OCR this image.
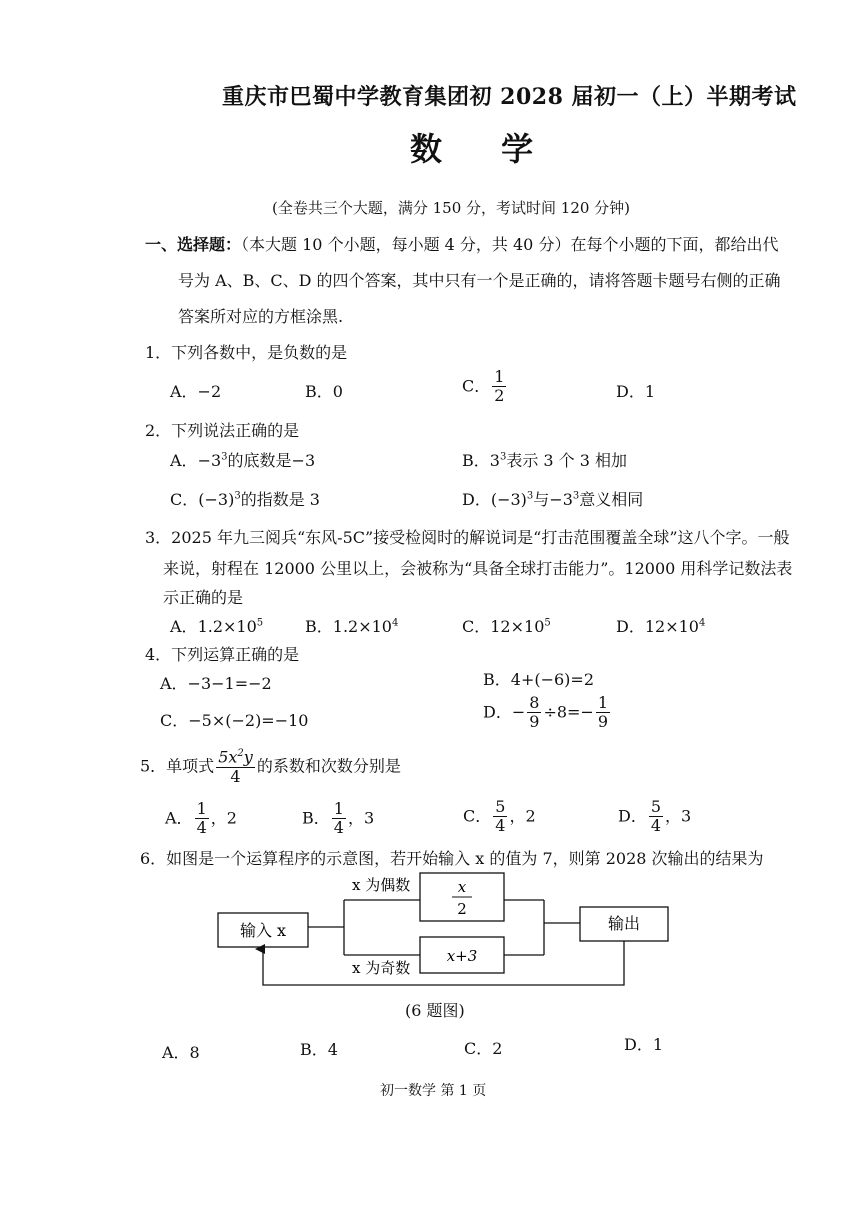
重庆市巴蜀中学教育集团初 2028 届初一（上）半期考试
数 学
(全卷共三个大题，满分 150 分，考试时间 120 分钟)
一、选择题：（本大题 10 个小题，每小题 4 分，共 40 分）在每个小题的下面，都给出代
号为 A、B、C、D 的四个答案，其中只有一个是正确的，请将答题卡题号右侧的正确
答案所对应的方框涂黑.
1．下列各数中，是负数的是
A．−2	B．0	C． $\frac{1}{2}$	D．1
2．下列说法正确的是
A．$-3^3$的底数是−3	B．$3^3$表示 3 个 3 相加
C．$(-3)^3$的指数是 3	D．$(-3)^3$与$-3^3$意义相同
3．2025 年九三阅兵“东风-5C”接受检阅时的解说词是“打击范围覆盖全球”这八个字。一般
来说，射程在 12000 公里以上，会被称为“具备全球打击能力”。12000 用科学记数法表
示正确的是
A．$1.2\times 10^5$	B．$1.2\times 10^4$	C．$12\times 10^5$	D．$12\times 10^4$
4．下列运算正确的是
A．−3−1=−2	B．4+(−6)=2
C．−5×(−2)=−10	D．− $\frac{8}{9} \div 8=- \frac{1}{9}$
5．单项式 $\frac{5x^2y}{4}$ 的系数和次数分别是
A． $\frac{1}{4}$ ，2	B． $\frac{1}{4}$ ，3	C． $\frac{5}{4}$ ，2	D． $\frac{5}{4}$ ，3
6．如图是一个运算程序的示意图，若开始输入 x 的值为 7，则第 2028 次输出的结果为
输入 x
x
2
x 为偶数
x+3
x 为奇数
输出
(6 题图)
A．8	B．4	C．2	D．1
初一数学 第 1 页
